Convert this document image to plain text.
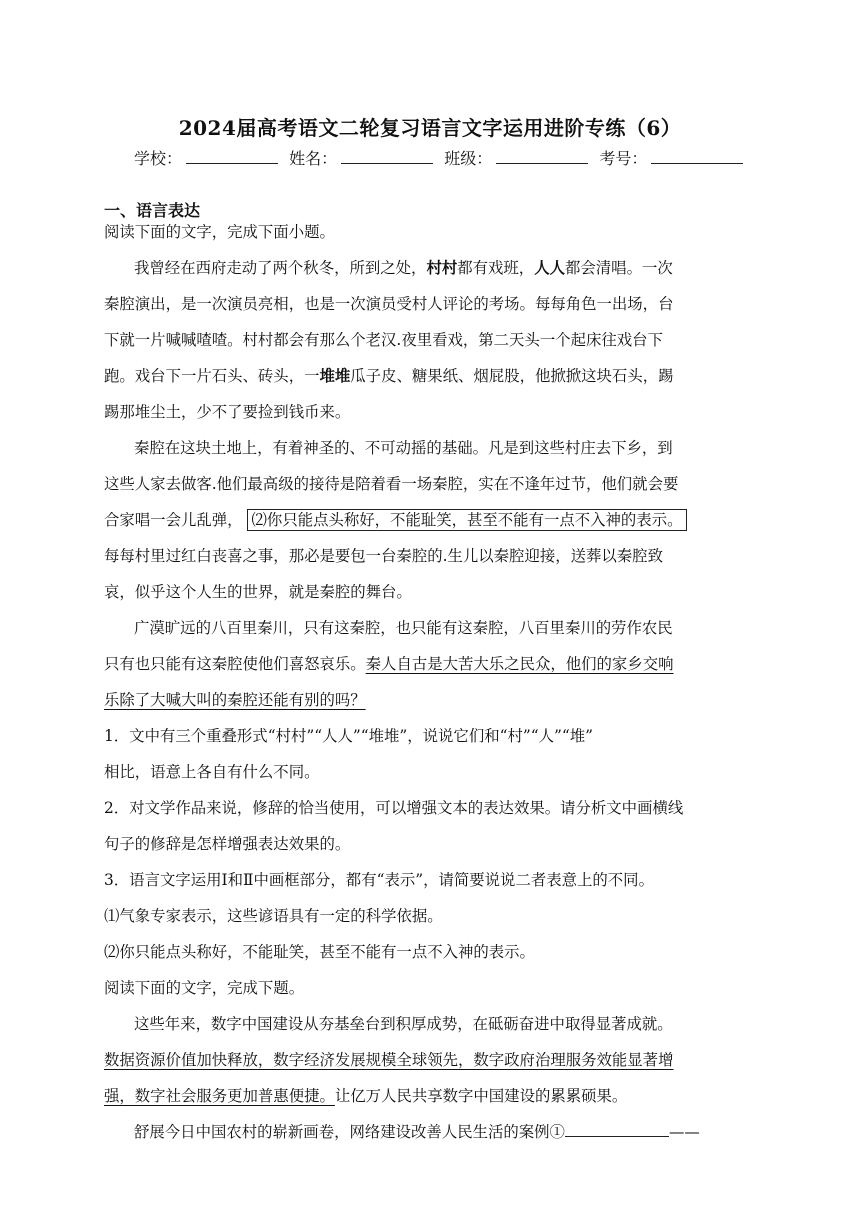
2024届高考语文二轮复习语言文字运用进阶专练（6）
学校：	姓名：	班级：	考号：
一、语言表达
阅读下面的文字，完成下面小题。
我曾经在西府走动了两个秋冬，所到之处，村村都有戏班，人人都会清唱。一次
秦腔演出，是一次演员亮相，也是一次演员受村人评论的考场。每每角色一出场，台
下就一片喊喊喳喳。村村都会有那么个老汉.夜里看戏，第二天头一个起床往戏台下
跑。戏台下一片石头、砖头，一堆堆瓜子皮、糖果纸、烟屁股，他掀掀这块石头，踢
踢那堆尘土，少不了要捡到钱币来。
秦腔在这块土地上，有着神圣的、不可动摇的基础。凡是到这些村庄去下乡，到
这些人家去做客.他们最高级的接待是陪着看一场秦腔，实在不逢年过节，他们就会要
合家唱一会儿乱弹， ⑵你只能点头称好，不能耻笑，甚至不能有一点不入神的表示。
每每村里过红白丧喜之事，那必是要包一台秦腔的.生儿以秦腔迎接，送葬以秦腔致
哀，似乎这个人生的世界，就是秦腔的舞台。
广漠旷远的八百里秦川，只有这秦腔，也只能有这秦腔，八百里秦川的劳作农民
只有也只能有这秦腔使他们喜怒哀乐。秦人自古是大苦大乐之民众，他们的家乡交响
乐除了大喊大叫的秦腔还能有别的吗？
1．文中有三个重叠形式“村村”“人人”“堆堆”，说说它们和“村”“人”“堆”
相比，语意上各自有什么不同。
2．对文学作品来说，修辞的恰当使用，可以增强文本的表达效果。请分析文中画横线
句子的修辞是怎样增强表达效果的。
3．语言文字运用Ⅰ和Ⅱ中画框部分，都有“表示”，请简要说说二者表意上的不同。
⑴气象专家表示，这些谚语具有一定的科学依据。
⑵你只能点头称好，不能耻笑，甚至不能有一点不入神的表示。
阅读下面的文字，完成下题。
这些年来，数字中国建设从夯基垒台到积厚成势，在砥砺奋进中取得显著成就。
数据资源价值加快释放，数字经济发展规模全球领先，数字政府治理服务效能显著增
强，数字社会服务更加普惠便捷。让亿万人民共享数字中国建设的累累硕果。
舒展今日中国农村的崭新画卷，网络建设改善人民生活的案例①	——
